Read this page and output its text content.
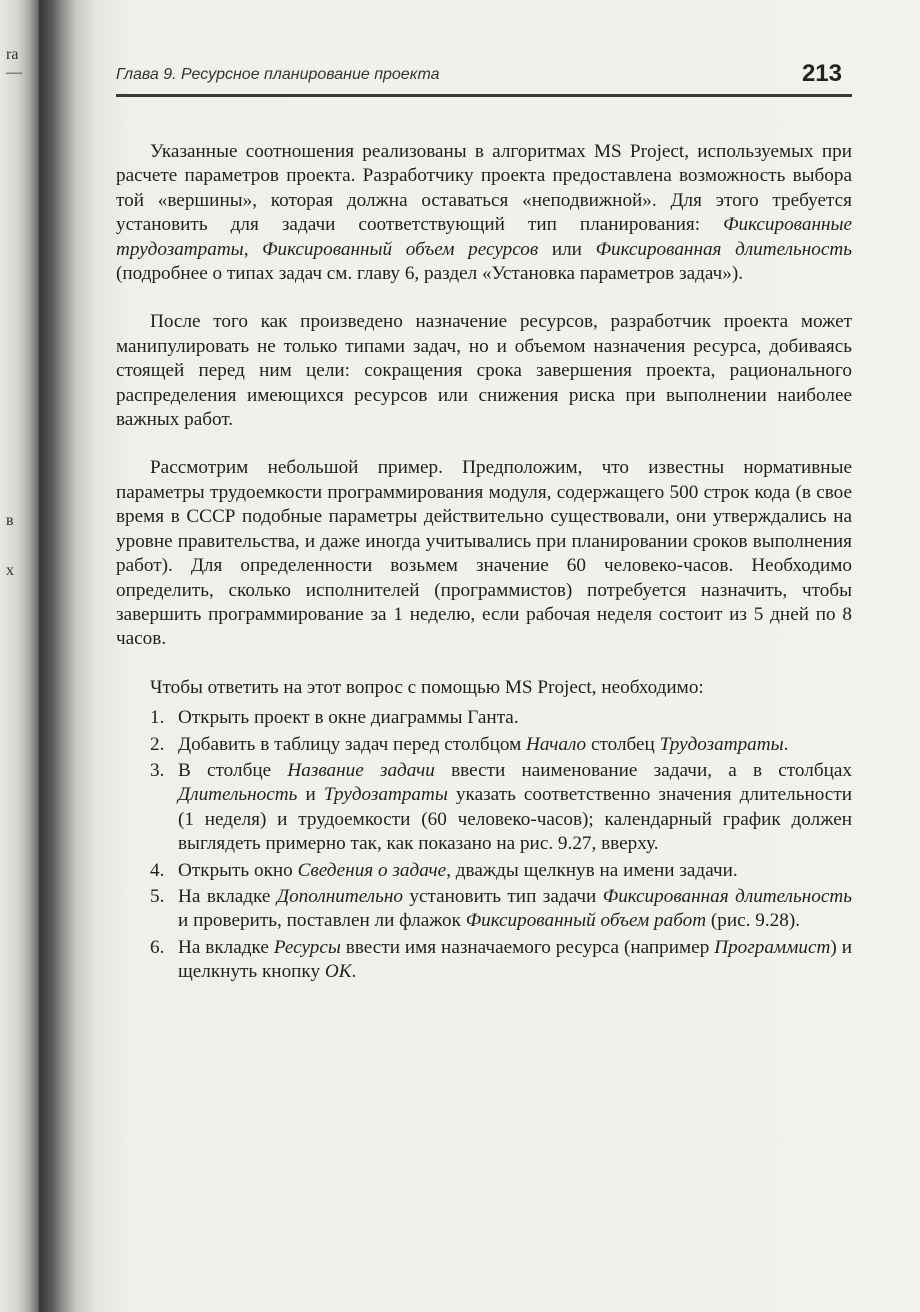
ra
—
в
x
Глава 9. Ресурсное планирование проекта	213

Указанные соотношения реализованы в алгоритмах MS Project, используемых при расчете параметров проекта. Разработчику проекта предоставлена возможность выбора той «вершины», которая должна оставаться «неподвижной». Для этого требуется установить для задачи соответствующий тип планирования: Фиксированные трудозатраты, Фиксированный объем ресурсов или Фиксированная длительность (подробнее о типах задач см. главу 6, раздел «Установка параметров задач»).

После того как произведено назначение ресурсов, разработчик проекта может манипулировать не только типами задач, но и объемом назначения ресурса, добиваясь стоящей перед ним цели: сокращения срока завершения проекта, рационального распределения имеющихся ресурсов или снижения риска при выполнении наиболее важных работ.

Рассмотрим небольшой пример. Предположим, что известны нормативные параметры трудоемкости программирования модуля, содержащего 500 строк кода (в свое время в СССР подобные параметры действительно существовали, они утверждались на уровне правительства, и даже иногда учитывались при планировании сроков выполнения работ). Для определенности возьмем значение 60 человеко-часов. Необходимо определить, сколько исполнителей (программистов) потребуется назначить, чтобы завершить программирование за 1 неделю, если рабочая неделя состоит из 5 дней по 8 часов.

Чтобы ответить на этот вопрос с помощью MS Project, необходимо:

1. Открыть проект в окне диаграммы Ганта.
2. Добавить в таблицу задач перед столбцом Начало столбец Трудозатраты.
3. В столбце Название задачи ввести наименование задачи, а в столбцах Длительность и Трудозатраты указать соответственно значения длительности (1 неделя) и трудоемкости (60 человеко-часов); календарный график должен выглядеть примерно так, как показано на рис. 9.27, вверху.
4. Открыть окно Сведения о задаче, дважды щелкнув на имени задачи.
5. На вкладке Дополнительно установить тип задачи Фиксированная длительность и проверить, поставлен ли флажок Фиксированный объем работ (рис. 9.28).
6. На вкладке Ресурсы ввести имя назначаемого ресурса (например Программист) и щелкнуть кнопку ОК.
